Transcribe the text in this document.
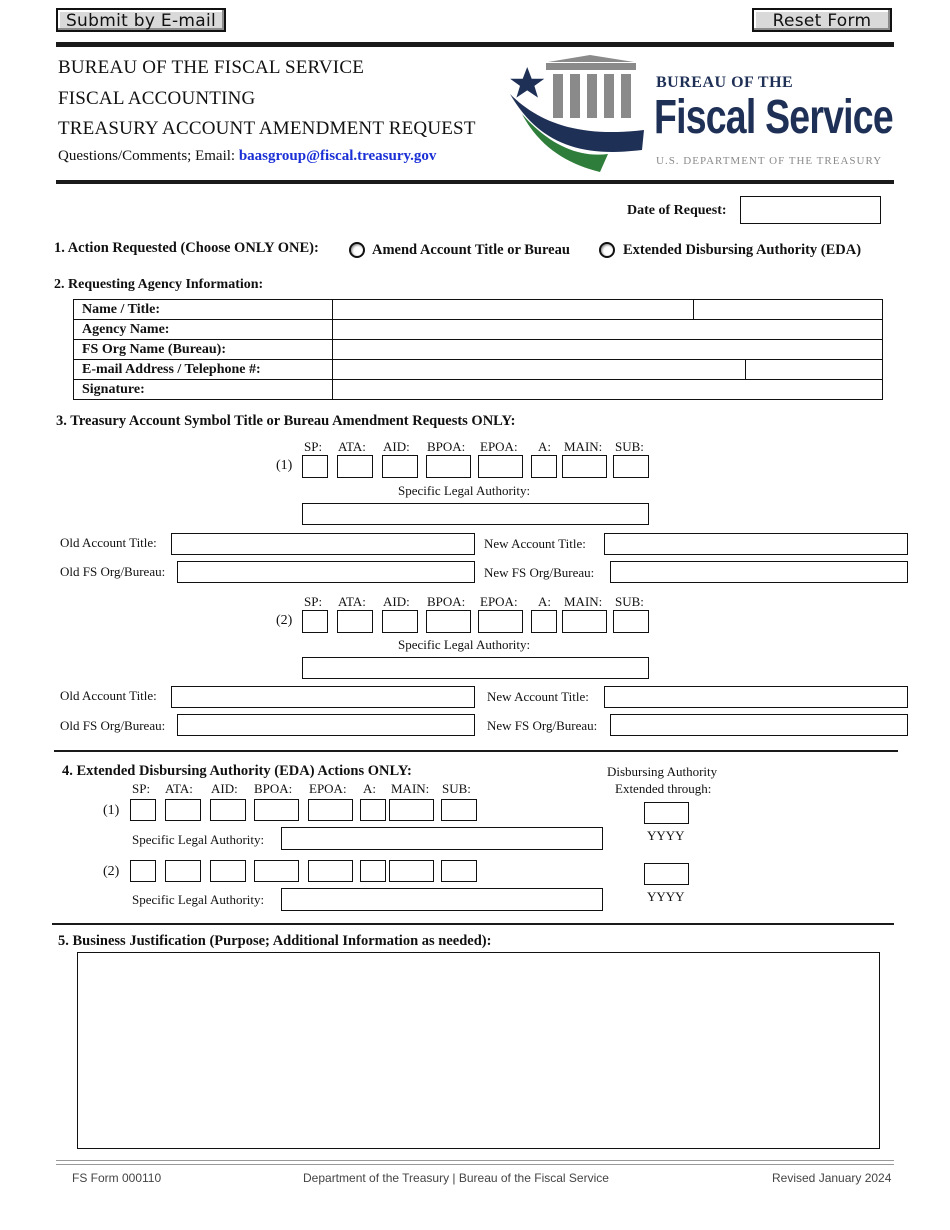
Submit by E-mail	Reset Form
BUREAU OF THE FISCAL SERVICE
FISCAL ACCOUNTING
TREASURY ACCOUNT AMENDMENT REQUEST
Questions/Comments; Email: baasgroup@fiscal.treasury.gov
BUREAU OF THE
Fiscal Service
U.S. DEPARTMENT OF THE TREASURY
Date of Request:
1. Action Requested (Choose ONLY ONE):	Amend Account Title or Bureau	Extended Disbursing Authority (EDA)
2. Requesting Agency Information:
Name / Title:	

Agency Name:	
FS Org Name (Bureau):	
E-mail Address / Telephone #:	

Signature:	
3. Treasury Account Symbol Title or Bureau Amendment Requests ONLY:
SP: ATA: AID: BPOA: EPOA: A: MAIN: SUB:
(1)
Specific Legal Authority:
Old Account Title:	New Account Title:
Old FS Org/Bureau:	New FS Org/Bureau:
SP: ATA: AID: BPOA: EPOA: A: MAIN: SUB:
(2)
Specific Legal Authority:
Old Account Title:	New Account Title:
Old FS Org/Bureau:	New FS Org/Bureau:
4. Extended Disbursing Authority (EDA) Actions ONLY:	Disbursing Authority
Extended through:
SP: ATA: AID: BPOA: EPOA: A: MAIN: SUB:
(1)
Specific Legal Authority:	YYYY
(2)
Specific Legal Authority:	YYYY
5. Business Justification (Purpose; Additional Information as needed):
FS Form 000110	Department of the Treasury | Bureau of the Fiscal Service	Revised January 2024
